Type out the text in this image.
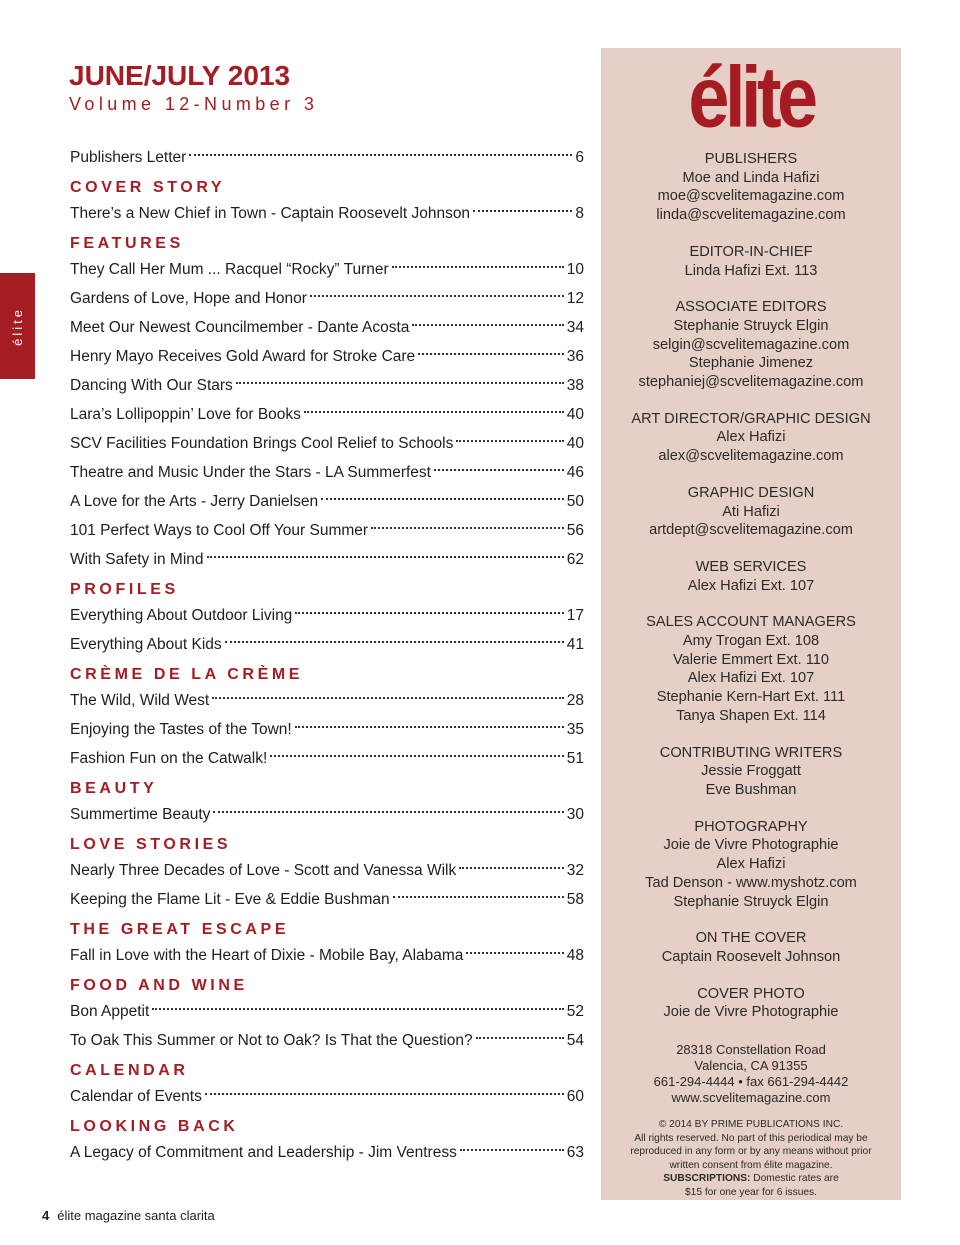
élite
JUNE/JULY 2013
Volume 12-Number 3
Publishers Letter	6
COVER STORY
There’s a New Chief in Town - Captain Roosevelt Johnson	8
FEATURES
They Call Her Mum ... Racquel “Rocky” Turner	10
Gardens of Love, Hope and Honor	12
Meet Our Newest Councilmember - Dante Acosta	34
Henry Mayo Receives Gold Award for Stroke Care	36
Dancing With Our Stars	38
Lara’s Lollipoppin’ Love for Books	40
SCV Facilities Foundation Brings Cool Relief to Schools	40
Theatre and Music Under the Stars - LA Summerfest	46
A Love for the Arts - Jerry Danielsen	50
101 Perfect Ways to Cool Off Your Summer	56
With Safety in Mind	62
PROFILES
Everything About Outdoor Living	17
Everything About Kids	41
CRÈME DE LA CRÈME
The Wild, Wild West	28
Enjoying the Tastes of the Town!	35
Fashion Fun on the Catwalk!	51
BEAUTY
Summertime Beauty	30
LOVE STORIES
Nearly Three Decades of Love - Scott and Vanessa Wilk	32
Keeping the Flame Lit - Eve & Eddie Bushman	58
THE GREAT ESCAPE
Fall in Love with the Heart of Dixie - Mobile Bay, Alabama	48
FOOD AND WINE
Bon Appetit	52
To Oak This Summer or Not to Oak? Is That the Question?	54
CALENDAR
Calendar of Events	60
LOOKING BACK
A Legacy of Commitment and Leadership - Jim Ventress	63
élite
PUBLISHERS
Moe and Linda Hafizi
moe@scvelitemagazine.com
linda@scvelitemagazine.com
EDITOR-IN-CHIEF
Linda Hafizi Ext. 113
ASSOCIATE EDITORS
Stephanie Struyck Elgin
selgin@scvelitemagazine.com
Stephanie Jimenez
stephaniej@scvelitemagazine.com
ART DIRECTOR/GRAPHIC DESIGN
Alex Hafizi
alex@scvelitemagazine.com
GRAPHIC DESIGN
Ati Hafizi
artdept@scvelitemagazine.com
WEB SERVICES
Alex Hafizi Ext. 107
SALES ACCOUNT MANAGERS
Amy Trogan Ext. 108
Valerie Emmert Ext. 110
Alex Hafizi Ext. 107
Stephanie Kern-Hart Ext. 111
Tanya Shapen Ext. 114
CONTRIBUTING WRITERS
Jessie Froggatt
Eve Bushman
PHOTOGRAPHY
Joie de Vivre Photographie
Alex Hafizi
Tad Denson - www.myshotz.com
Stephanie Struyck Elgin
ON THE COVER
Captain Roosevelt Johnson
COVER PHOTO
Joie de Vivre Photographie
28318 Constellation Road
Valencia, CA 91355
661-294-4444 • fax 661-294-4442
www.scvelitemagazine.com
© 2014 BY PRIME PUBLICATIONS INC.
All rights reserved. No part of this periodical may be
reproduced in any form or by any means without prior
written consent from élite magazine.
SUBSCRIPTIONS: Domestic rates are
$15 for one year for 6 issues.
4 élite magazine santa clarita
